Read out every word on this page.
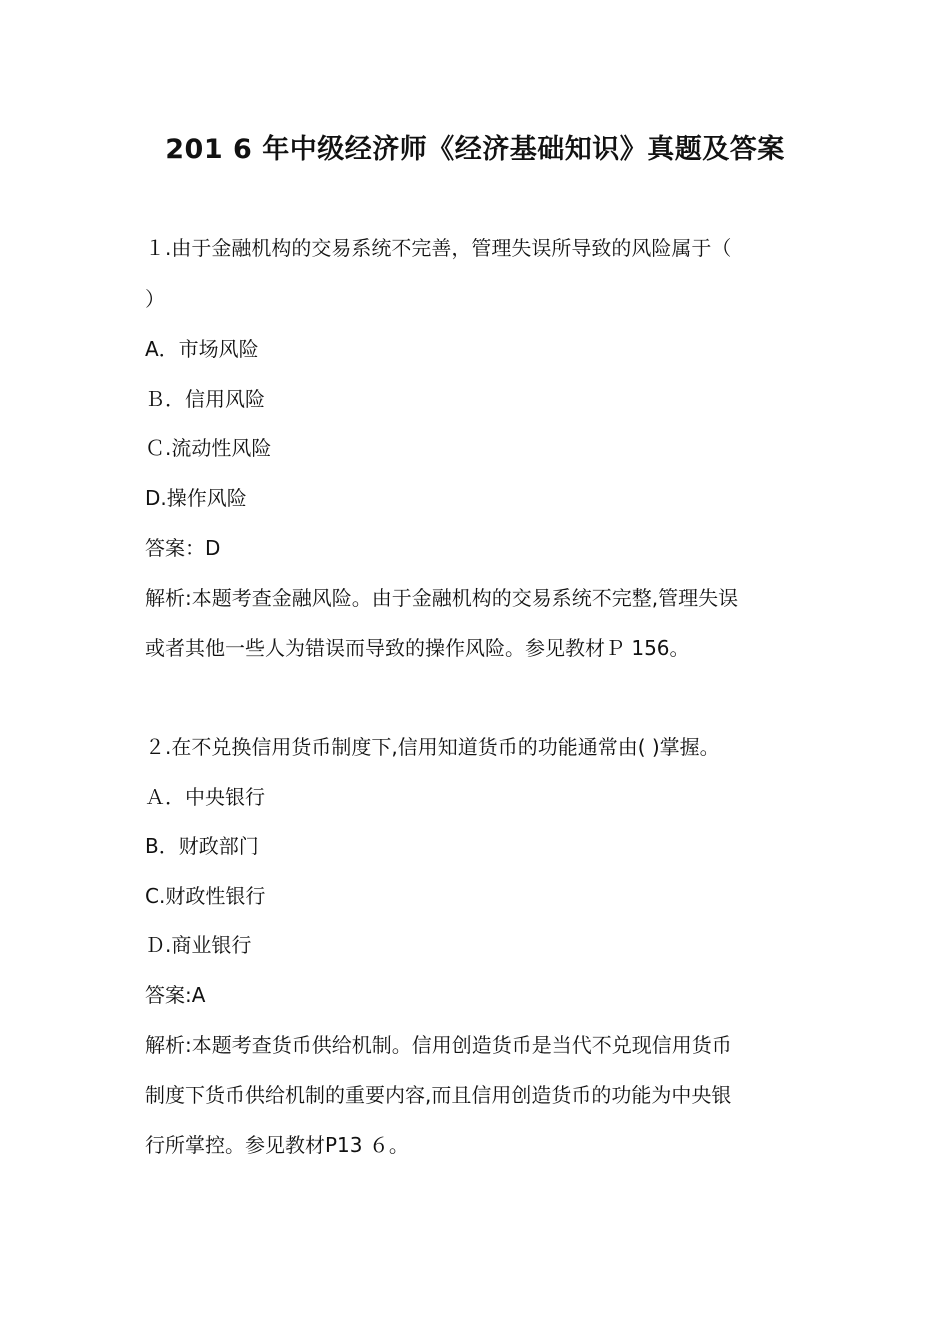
201 6 年中级经济师《经济基础知识》真题及答案
１.由于金融机构的交易系统不完善，管理失误所导致的风险属于（
）
A．市场风险
Ｂ．信用风险
Ｃ.流动性风险
D.操作风险
答案：D
解析:本题考查金融风险。由于金融机构的交易系统不完整,管理失误
或者其他一些人为错误而导致的操作风险。参见教材Ｐ 156。
２.在不兑换信用货币制度下,信用知道货币的功能通常由( )掌握。
Ａ．中央银行
B．财政部门
C.财政性银行
Ｄ.商业银行
答案:A
解析:本题考查货币供给机制。信用创造货币是当代不兑现信用货币
制度下货币供给机制的重要内容,而且信用创造货币的功能为中央银
行所掌控。参见教材P13 ６。
